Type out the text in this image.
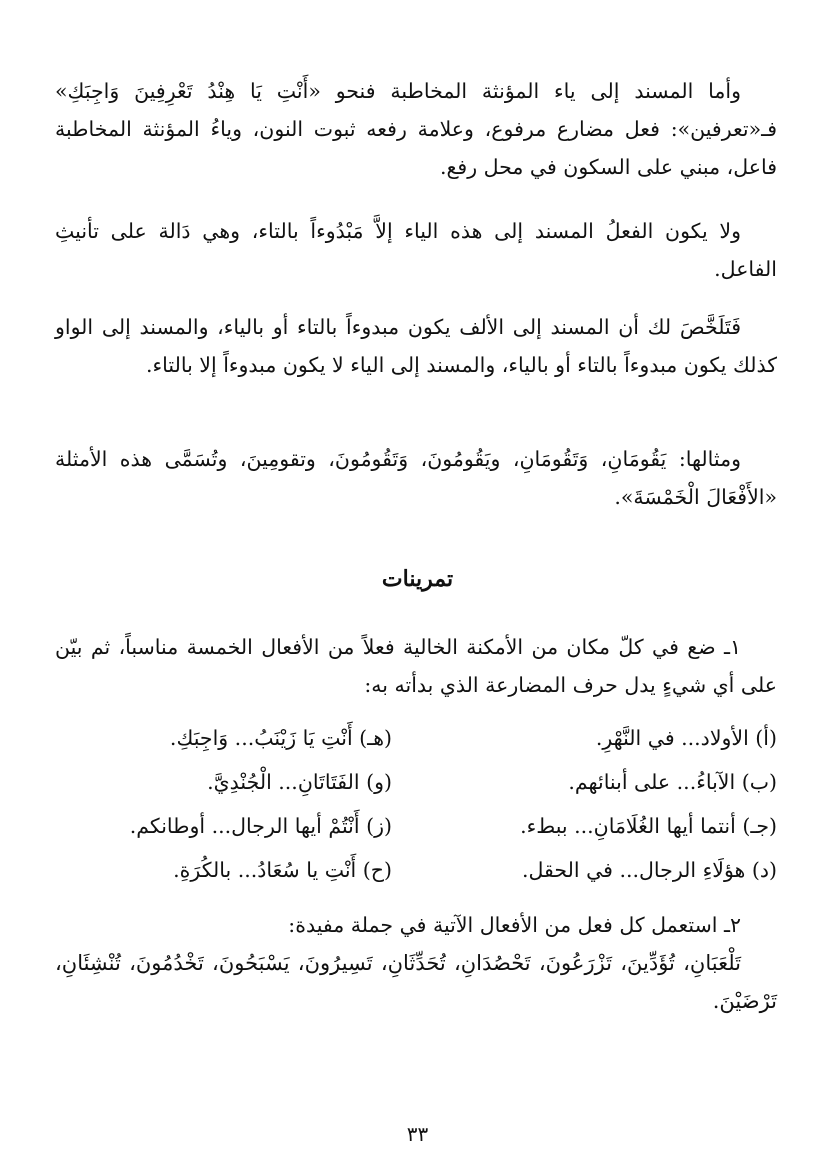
وأما المسند إلى ياء المؤنثة المخاطبة فنحو «أَنْتِ يَا هِنْدُ تَعْرِفِينَ وَاجِبَكِ» فـ«تعرفين»: فعل مضارع مرفوع، وعلامة رفعه ثبوت النون، وياءُ المؤنثة المخاطبة فاعل، مبني على السكون في محل رفع.

ولا يكون الفعلُ المسند إلى هذه الياء إلاَّ مَبْدُوءاً بالتاء، وهي دَالة على تأنيثِ الفاعل.

فَتَلَخَّصَ لك أن المسند إلى الألف يكون مبدوءاً بالتاء أو بالياء، والمسند إلى الواو كذلك يكون مبدوءاً بالتاء أو بالياء، والمسند إلى الياء لا يكون مبدوءاً إلا بالتاء.

ومثالها: يَقُومَانِ، وَتَقُومَانِ، ويَقُومُونَ، وَتَقُومُونَ، وتقومِينَ، وتُسَمَّى هذه الأمثلة «الأَفْعَالَ الْخَمْسَةَ».

تمرينات

١ـ ضع في كلّ مكان من الأمكنة الخالية فعلاً من الأفعال الخمسة مناسباً، ثم بيّن على أي شيءٍ يدل حرف المضارعة الذي بدأته به:

(أ) الأولاد... في النَّهْرِ.
(هـ) أَنْتِ يَا زَيْنَبُ... وَاجِبَكِ.
(ب) الآباءُ... على أبنائهم.
(و) الفَتَاتَانِ... الْجُنْدِيَّ.
(جـ) أنتما أيها الغُلَامَانِ... ببطء.
(ز) أَنْتُمْ أيها الرجال... أوطانكم.
(د) هؤلَاءِ الرجال... في الحقل.
(ح) أَنْتِ يا سُعَادُ... بالكُرَةِ.

٢ـ استعمل كل فعل من الأفعال الآتية في جملة مفيدة:

تَلْعَبَانِ، تُؤَدِّينَ، تَزْرَعُونَ، تَحْصُدَانِ، تُحَدِّثَانِ، تَسِيرُونَ، يَسْبَحُونَ، تَخْدُمُونَ، تُنْشِئَانِ، تَرْضَيْنَ.

٣٣
